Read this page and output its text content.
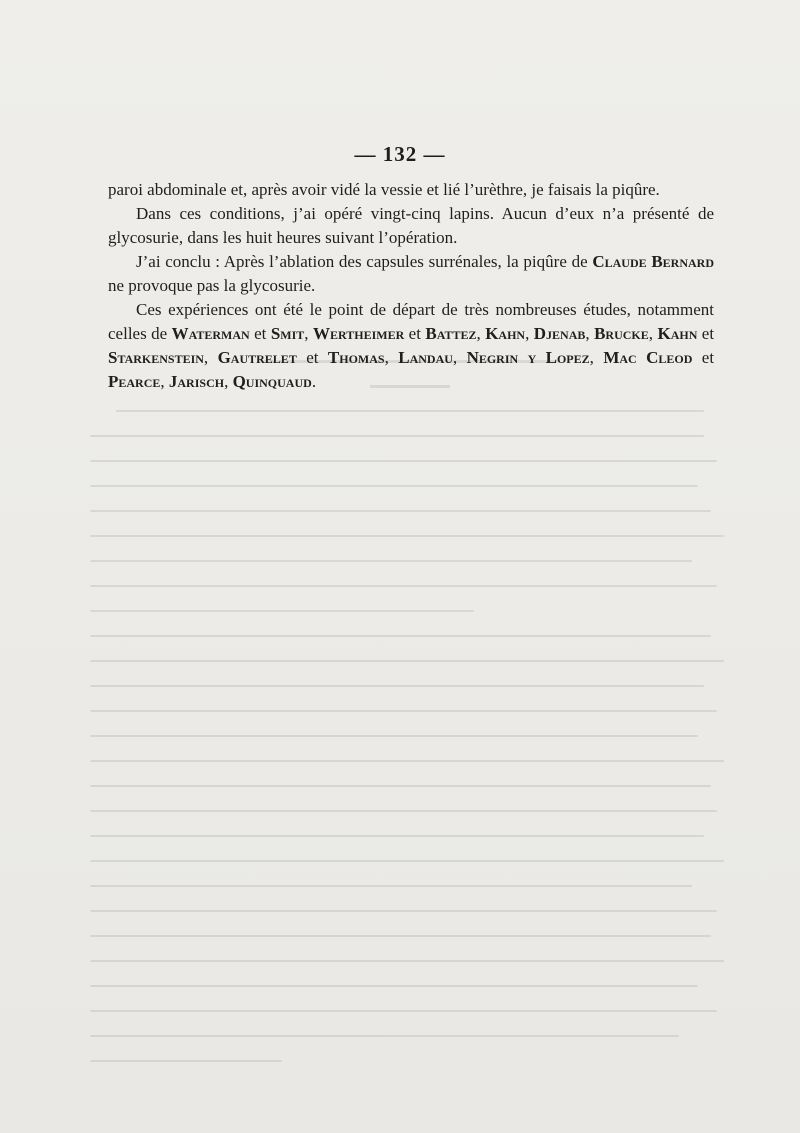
— 132 —

paroi abdominale et, après avoir vidé la vessie et lié l’urèthre, je faisais la piqûre.

Dans ces conditions, j’ai opéré vingt-cinq lapins. Aucun d’eux n’a présenté de glycosurie, dans les huit heures suivant l’opération.

J’ai conclu : Après l’ablation des capsules surrénales, la piqûre de Claude Bernard ne provoque pas la glycosurie.

Ces expériences ont été le point de départ de très nombreuses études, notamment celles de Waterman et Smit, Wertheimer et Battez, Kahn, Djenab, Brucke, Kahn et Starkenstein, Gautrelet et Thomas, Landau, Negrin y Lopez, Mac Cleod et Pearce, Jarisch, Quinquaud.
